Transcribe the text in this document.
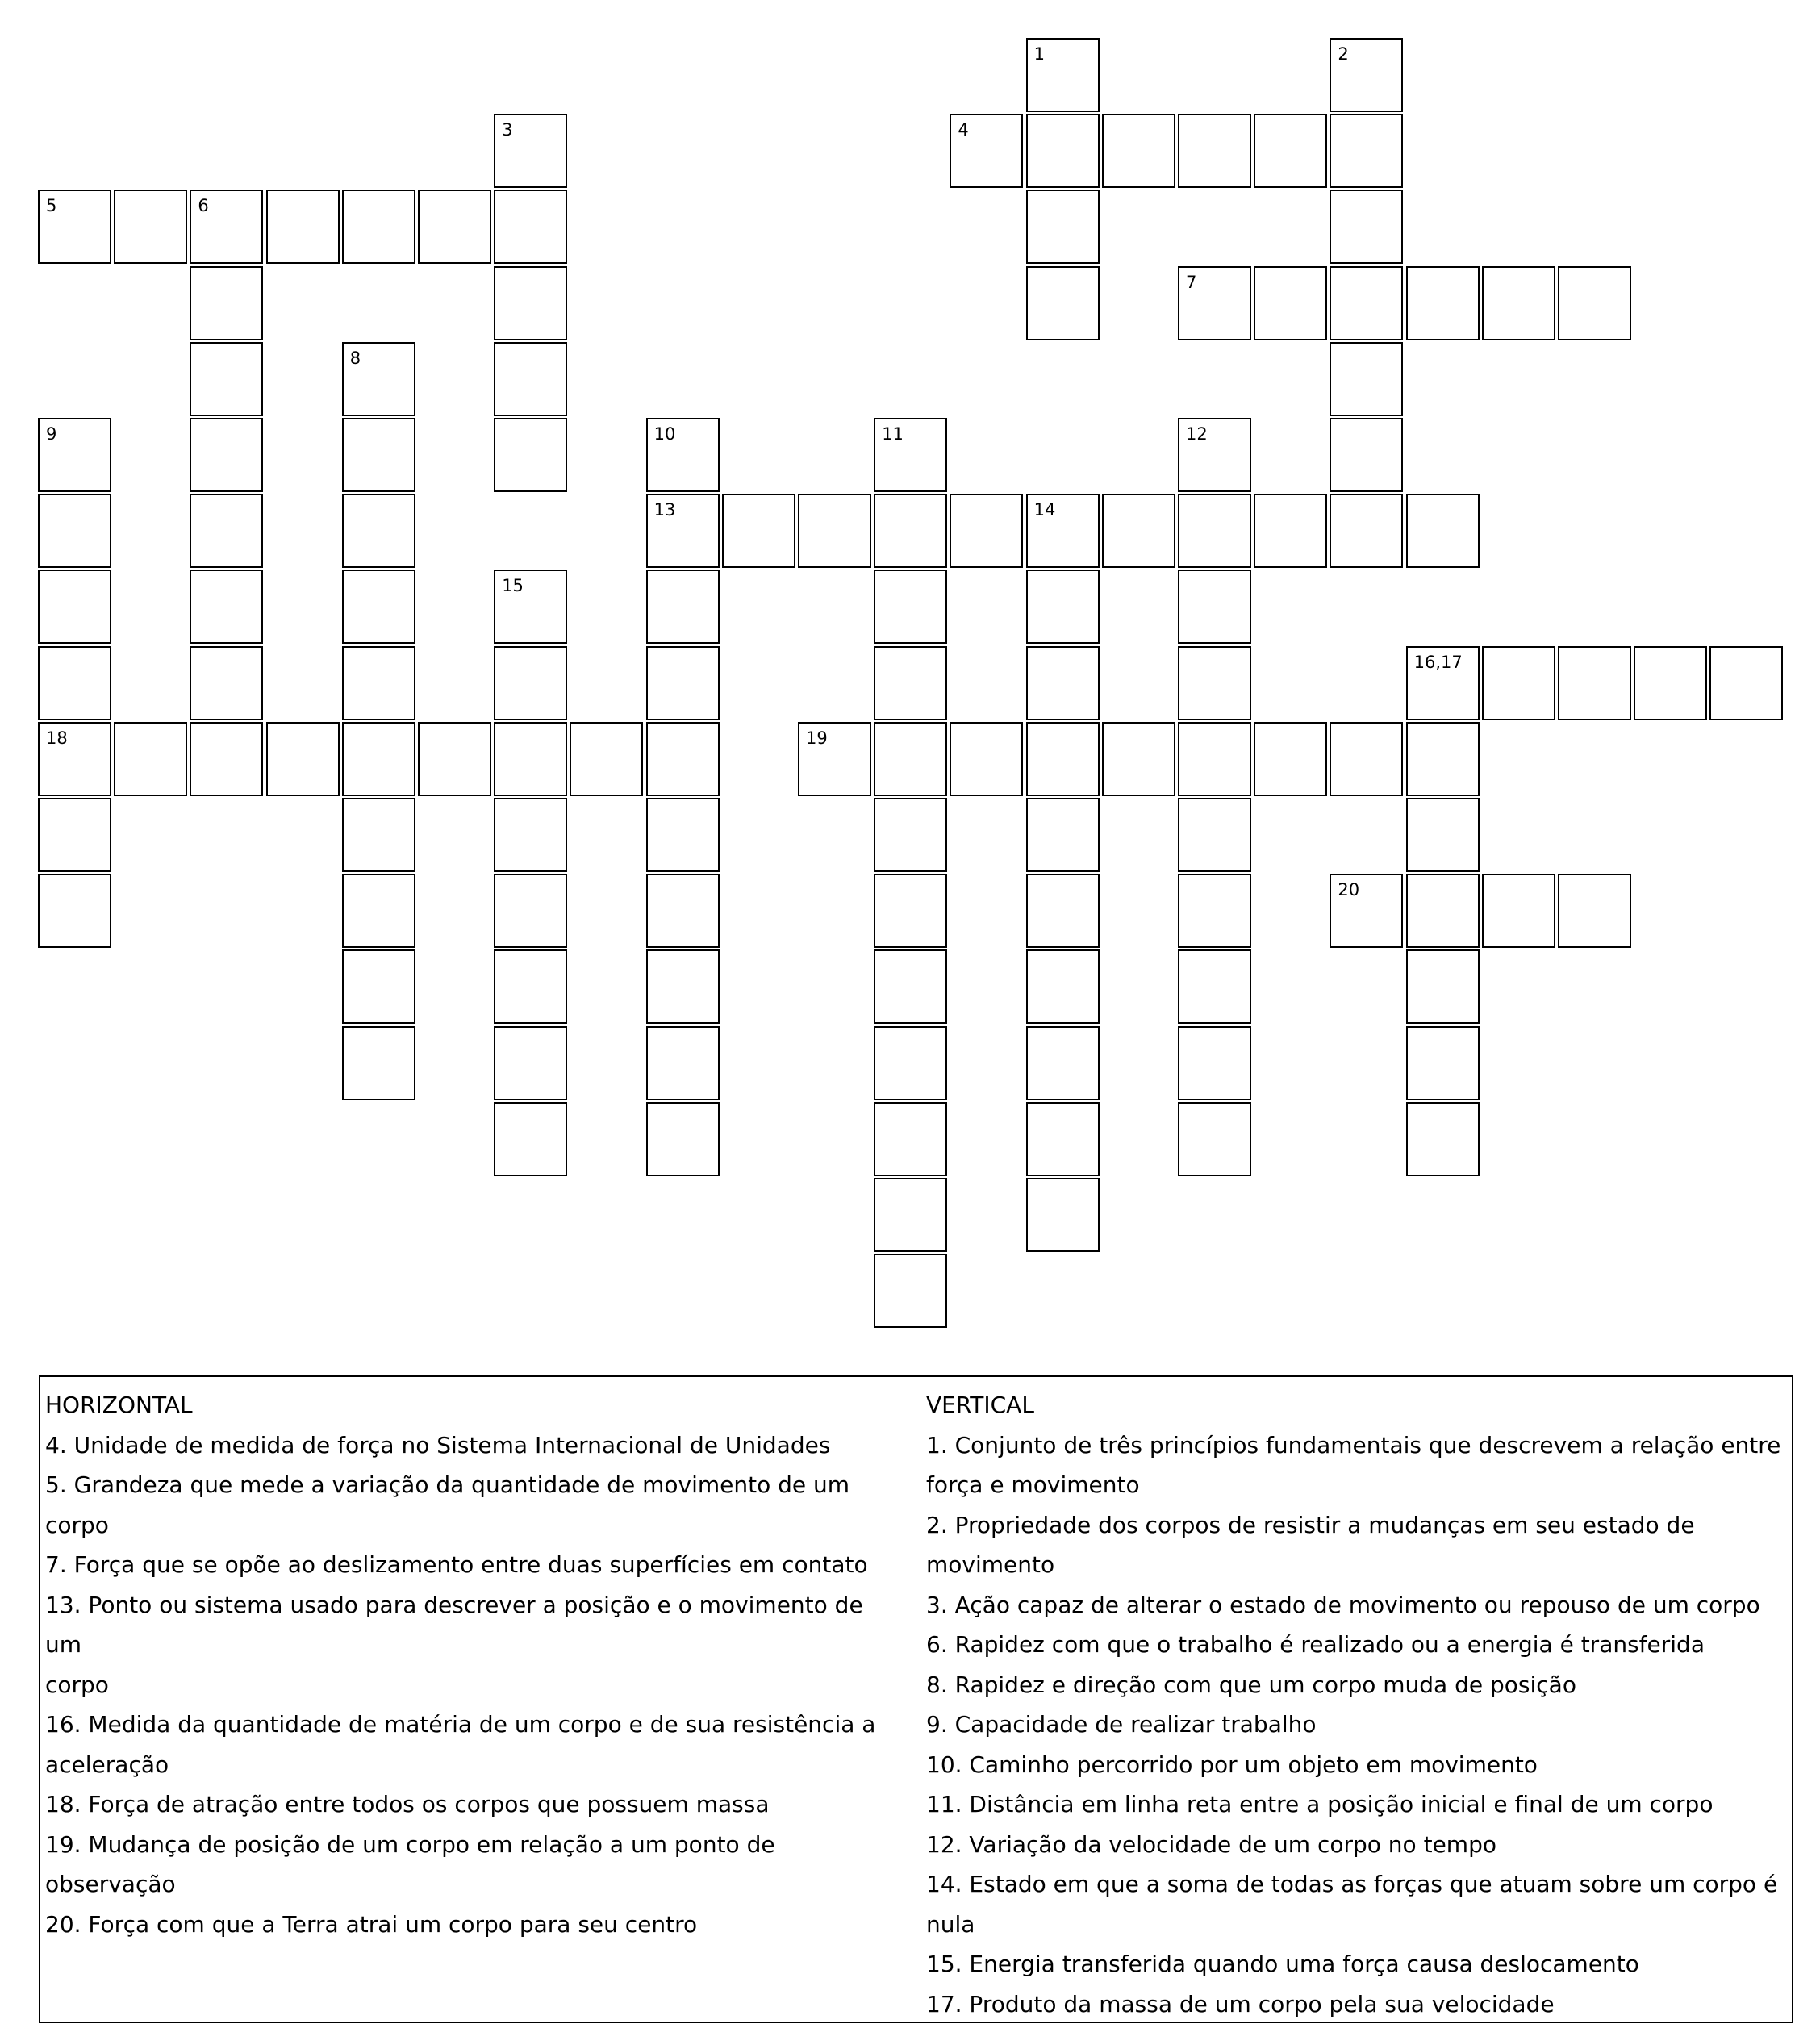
1	2
3	4
5	6
7
8
9	10	11	12
13	14
15
16,17
18	19
20
HORIZONTAL
4. Unidade de medida de força no Sistema Internacional de Unidades
5. Grandeza que mede a variação da quantidade de movimento de um corpo
7. Força que se opõe ao deslizamento entre duas superfícies em contato
13. Ponto ou sistema usado para descrever a posição e o movimento de um
corpo
16. Medida da quantidade de matéria de um corpo e de sua resistência a
aceleração
18. Força de atração entre todos os corpos que possuem massa
19. Mudança de posição de um corpo em relação a um ponto de observação
20. Força com que a Terra atrai um corpo para seu centro
VERTICAL
1. Conjunto de três princípios fundamentais que descrevem a relação entre
força e movimento
2. Propriedade dos corpos de resistir a mudanças em seu estado de movimento
3. Ação capaz de alterar o estado de movimento ou repouso de um corpo
6. Rapidez com que o trabalho é realizado ou a energia é transferida
8. Rapidez e direção com que um corpo muda de posição
9. Capacidade de realizar trabalho
10. Caminho percorrido por um objeto em movimento
11. Distância em linha reta entre a posição inicial e final de um corpo
12. Variação da velocidade de um corpo no tempo
14. Estado em que a soma de todas as forças que atuam sobre um corpo é nula
15. Energia transferida quando uma força causa deslocamento
17. Produto da massa de um corpo pela sua velocidade
